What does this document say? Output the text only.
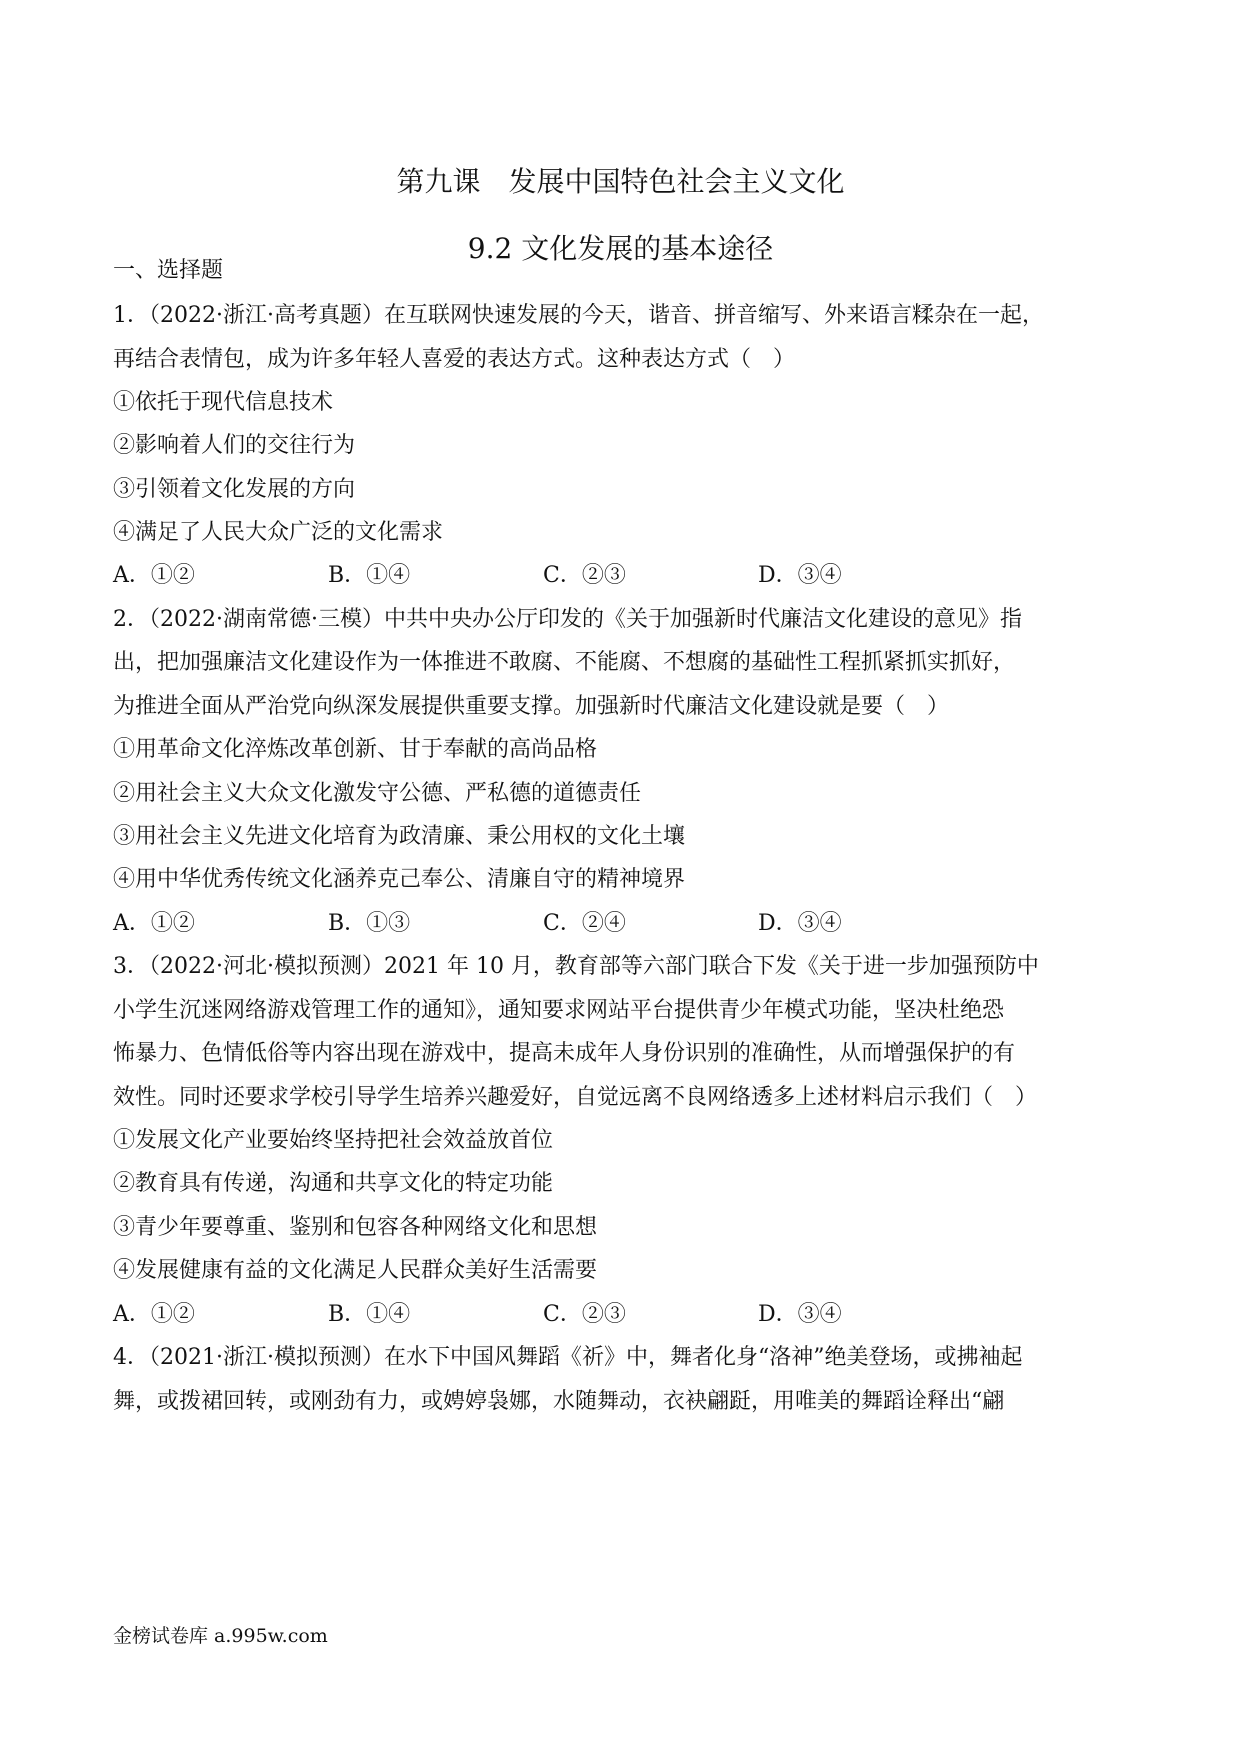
第九课　发展中国特色社会主义文化
9.2 文化发展的基本途径
一、选择题
1．（2022·浙江·高考真题）在互联网快速发展的今天，谐音、拼音缩写、外来语言糅杂在一起，
再结合表情包，成为许多年轻人喜爱的表达方式。这种表达方式（　）
①依托于现代信息技术
②影响着人们的交往行为
③引领着文化发展的方向
④满足了人民大众广泛的文化需求
A．①②	B．①④	C．②③	D．③④
2．（2022·湖南常德·三模）中共中央办公厅印发的《关于加强新时代廉洁文化建设的意见》指
出，把加强廉洁文化建设作为一体推进不敢腐、不能腐、不想腐的基础性工程抓紧抓实抓好，
为推进全面从严治党向纵深发展提供重要支撑。加强新时代廉洁文化建设就是要（　）
①用革命文化淬炼改革创新、甘于奉献的高尚品格
②用社会主义大众文化激发守公德、严私德的道德责任
③用社会主义先进文化培育为政清廉、秉公用权的文化土壤
④用中华优秀传统文化涵养克己奉公、清廉自守的精神境界
A．①②	B．①③	C．②④	D．③④
3．（2022·河北·模拟预测）2021 年 10 月，教育部等六部门联合下发《关于进一步加强预防中
小学生沉迷网络游戏管理工作的通知》，通知要求网站平台提供青少年模式功能，坚决杜绝恐
怖暴力、色情低俗等内容出现在游戏中，提高未成年人身份识别的准确性，从而增强保护的有
效性。同时还要求学校引导学生培养兴趣爱好，自觉远离不良网络透多上述材料启示我们（　）
①发展文化产业要始终坚持把社会效益放首位
②教育具有传递，沟通和共享文化的特定功能
③青少年要尊重、鉴别和包容各种网络文化和思想
④发展健康有益的文化满足人民群众美好生活需要
A．①②	B．①④	C．②③	D．③④
4．（2021·浙江·模拟预测）在水下中国风舞蹈《祈》中，舞者化身“洛神”绝美登场，或拂袖起
舞，或拨裙回转，或刚劲有力，或娉婷袅娜，水随舞动，衣袂翩跹，用唯美的舞蹈诠释出“翩
金榜试卷库 a.995w.com
